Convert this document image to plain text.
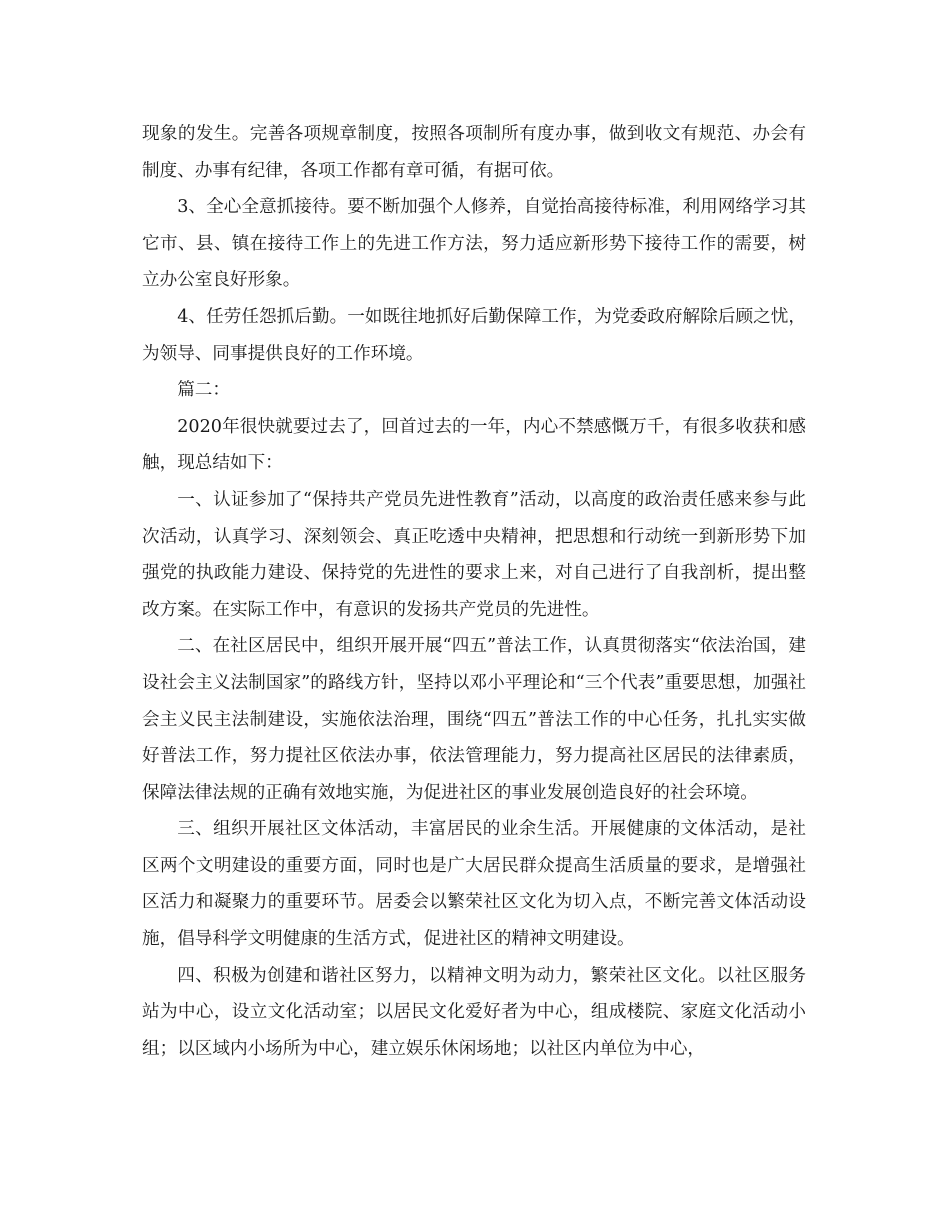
现象的发生。完善各项规章制度，按照各项制所有度办事，做到收文有规范、办会有制度、办事有纪律，各项工作都有章可循，有据可依。

3、全心全意抓接待。要不断加强个人修养，自觉抬高接待标准，利用网络学习其它市、县、镇在接待工作上的先进工作方法，努力适应新形势下接待工作的需要，树立办公室良好形象。

4、任劳任怨抓后勤。一如既往地抓好后勤保障工作，为党委政府解除后顾之忧，为领导、同事提供良好的工作环境。

篇二：

2020年很快就要过去了，回首过去的一年，内心不禁感慨万千，有很多收获和感触，现总结如下：

一、认证参加了“保持共产党员先进性教育”活动，以高度的政治责任感来参与此次活动，认真学习、深刻领会、真正吃透中央精神，把思想和行动统一到新形势下加强党的执政能力建设、保持党的先进性的要求上来，对自己进行了自我剖析，提出整改方案。在实际工作中，有意识的发扬共产党员的先进性。

二、在社区居民中，组织开展开展“四五”普法工作，认真贯彻落实“依法治国，建设社会主义法制国家”的路线方针，坚持以邓小平理论和“三个代表”重要思想，加强社会主义民主法制建设，实施依法治理，围绕“四五”普法工作的中心任务，扎扎实实做好普法工作，努力提社区依法办事，依法管理能力，努力提高社区居民的法律素质，保障法律法规的正确有效地实施，为促进社区的事业发展创造良好的社会环境。

三、组织开展社区文体活动，丰富居民的业余生活。开展健康的文体活动，是社区两个文明建设的重要方面，同时也是广大居民群众提高生活质量的要求，是增强社区活力和凝聚力的重要环节。居委会以繁荣社区文化为切入点，不断完善文体活动设施，倡导科学文明健康的生活方式，促进社区的精神文明建设。

四、积极为创建和谐社区努力，以精神文明为动力，繁荣社区文化。以社区服务站为中心，设立文化活动室；以居民文化爱好者为中心，组成楼院、家庭文化活动小组；以区域内小场所为中心，建立娱乐休闲场地；以社区内单位为中心，
